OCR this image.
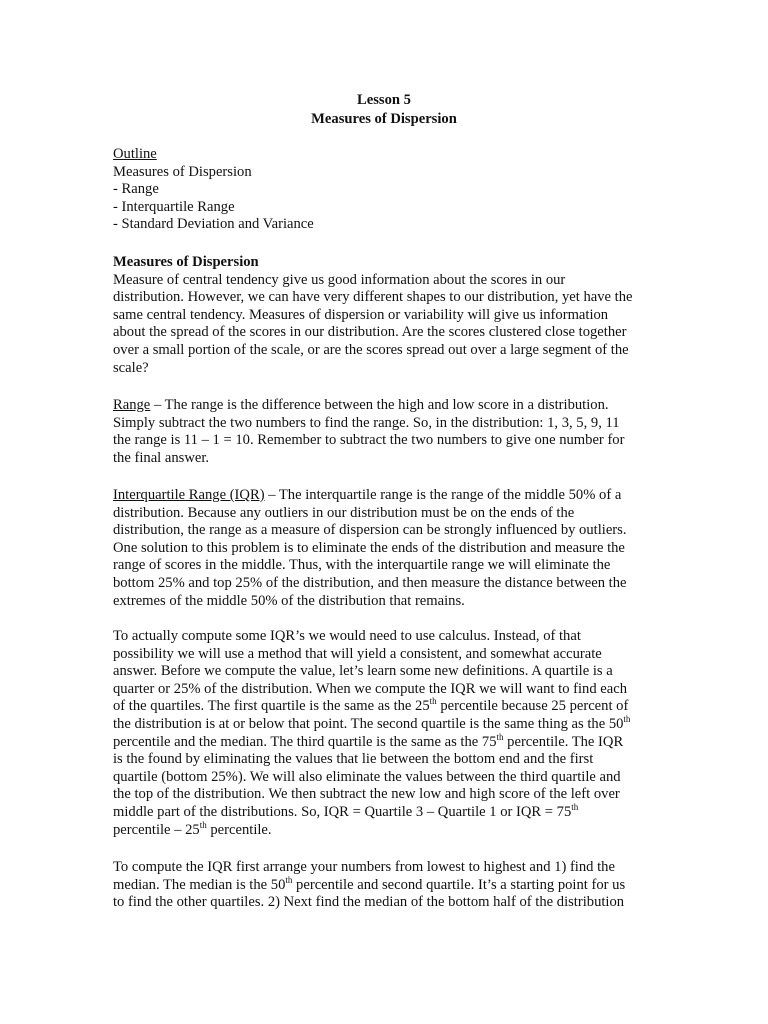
Lesson 5
Measures of Dispersion
Outline
Measures of Dispersion
- Range
- Interquartile Range
- Standard Deviation and Variance
Measures of Dispersion
Measure of central tendency give us good information about the scores in our
distribution. However, we can have very different shapes to our distribution, yet have the
same central tendency. Measures of dispersion or variability will give us information
about the spread of the scores in our distribution. Are the scores clustered close together
over a small portion of the scale, or are the scores spread out over a large segment of the
scale?
Range – The range is the difference between the high and low score in a distribution.
Simply subtract the two numbers to find the range. So, in the distribution: 1, 3, 5, 9, 11
the range is 11 – 1 = 10. Remember to subtract the two numbers to give one number for
the final answer.
Interquartile Range (IQR) – The interquartile range is the range of the middle 50% of a
distribution. Because any outliers in our distribution must be on the ends of the
distribution, the range as a measure of dispersion can be strongly influenced by outliers.
One solution to this problem is to eliminate the ends of the distribution and measure the
range of scores in the middle. Thus, with the interquartile range we will eliminate the
bottom 25% and top 25% of the distribution, and then measure the distance between the
extremes of the middle 50% of the distribution that remains.
To actually compute some IQR’s we would need to use calculus. Instead, of that
possibility we will use a method that will yield a consistent, and somewhat accurate
answer. Before we compute the value, let’s learn some new definitions. A quartile is a
quarter or 25% of the distribution. When we compute the IQR we will want to find each
of the quartiles. The first quartile is the same as the 25th percentile because 25 percent of
the distribution is at or below that point. The second quartile is the same thing as the 50th
percentile and the median. The third quartile is the same as the 75th percentile. The IQR
is the found by eliminating the values that lie between the bottom end and the first
quartile (bottom 25%). We will also eliminate the values between the third quartile and
the top of the distribution. We then subtract the new low and high score of the left over
middle part of the distributions. So, IQR = Quartile 3 – Quartile 1 or IQR = 75th
percentile – 25th percentile.
To compute the IQR first arrange your numbers from lowest to highest and 1) find the
median. The median is the 50th percentile and second quartile. It’s a starting point for us
to find the other quartiles. 2) Next find the median of the bottom half of the distribution
